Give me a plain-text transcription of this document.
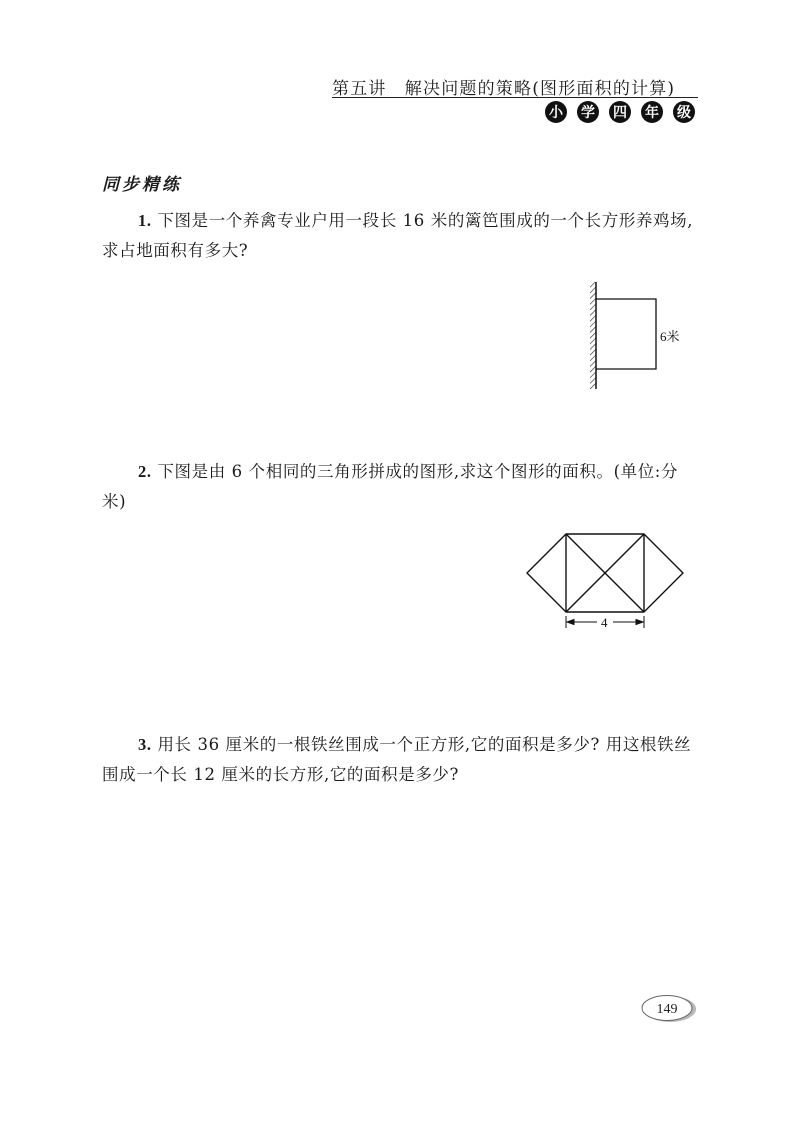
第五讲　解决问题的策略(图形面积的计算)
小 学 四 年 级
同步精练
1. 下图是一个养禽专业户用一段长 16 米的篱笆围成的一个长方形养鸡场,求占地面积有多大?
6米
2. 下图是由 6 个相同的三角形拼成的图形,求这个图形的面积。(单位:分米)
4
3. 用长 36 厘米的一根铁丝围成一个正方形,它的面积是多少? 用这根铁丝围成一个长 12 厘米的长方形,它的面积是多少?
149
